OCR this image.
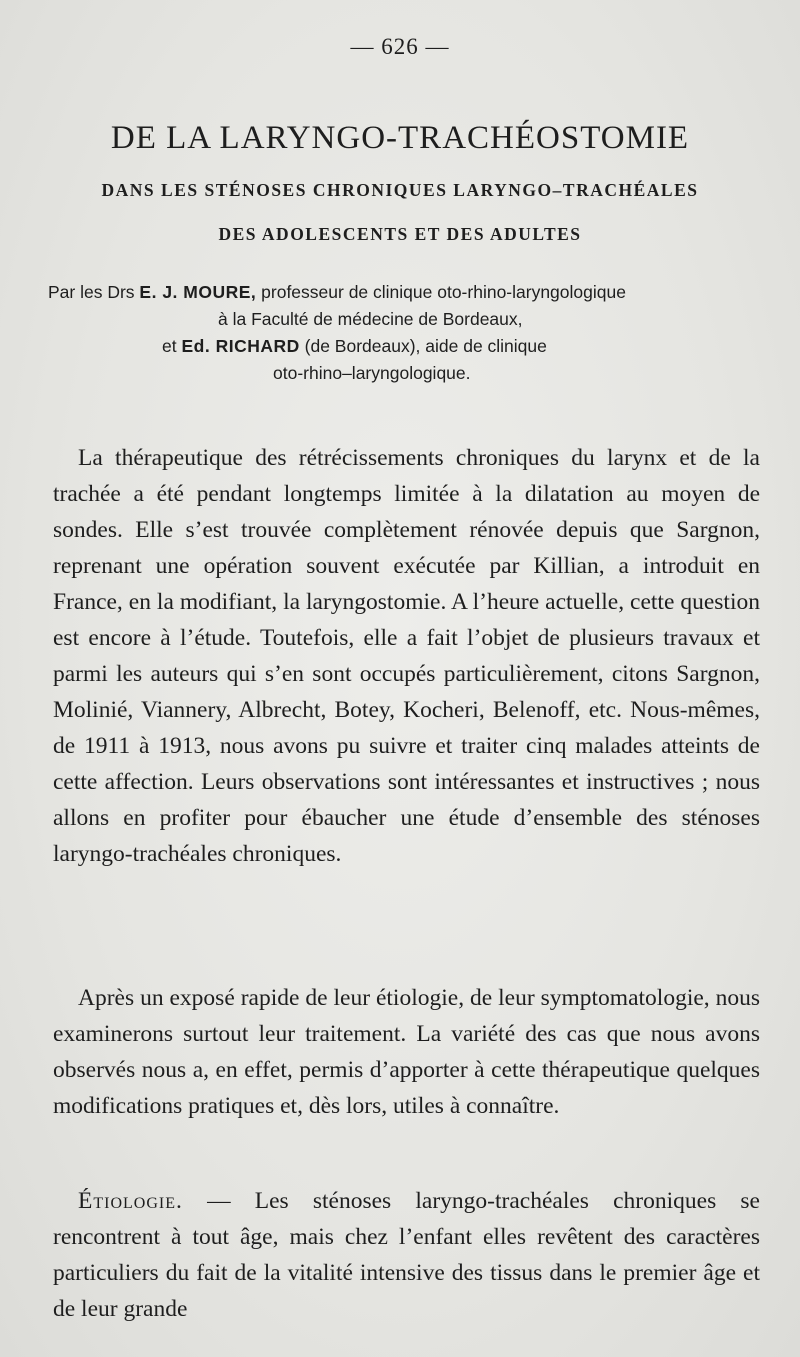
— 626 —
DE LA LARYNGO-TRACHÉOSTOMIE
DANS LES STÉNOSES CHRONIQUES LARYNGO–TRACHÉALES
DES ADOLESCENTS ET DES ADULTES
Par les Drs E. J. MOURE, professeur de clinique oto-rhino-laryngologique
à la Faculté de médecine de Bordeaux,
et Ed. RICHARD (de Bordeaux), aide de clinique
oto-rhino–laryngologique.

La thérapeutique des rétrécissements chroniques du larynx et de la trachée a été pendant longtemps limitée à la dilatation au moyen de sondes. Elle s’est trouvée complètement rénovée depuis que Sargnon, reprenant une opération souvent exécutée par Killian, a introduit en France, en la modifiant, la laryngostomie. A l’heure actuelle, cette question est encore à l’étude. Toutefois, elle a fait l’objet de plusieurs travaux et parmi les auteurs qui s’en sont occupés particulièrement, citons Sargnon, Molinié, Viannery, Albrecht, Botey, Kocheri, Belenoff, etc. Nous-mêmes, de 1911 à 1913, nous avons pu suivre et traiter cinq malades atteints de cette affection. Leurs observations sont intéressantes et instructives ; nous allons en profiter pour ébaucher une étude d’ensemble des sténoses laryngo-trachéales chroniques.

Après un exposé rapide de leur étiologie, de leur symptomatologie, nous examinerons surtout leur traitement. La variété des cas que nous avons observés nous a, en effet, permis d’apporter à cette thérapeutique quelques modifications pratiques et, dès lors, utiles à connaître.

Étiologie. — Les sténoses laryngo-trachéales chroniques se rencontrent à tout âge, mais chez l’enfant elles revêtent des caractères particuliers du fait de la vitalité intensive des tissus dans le premier âge et de leur grande
